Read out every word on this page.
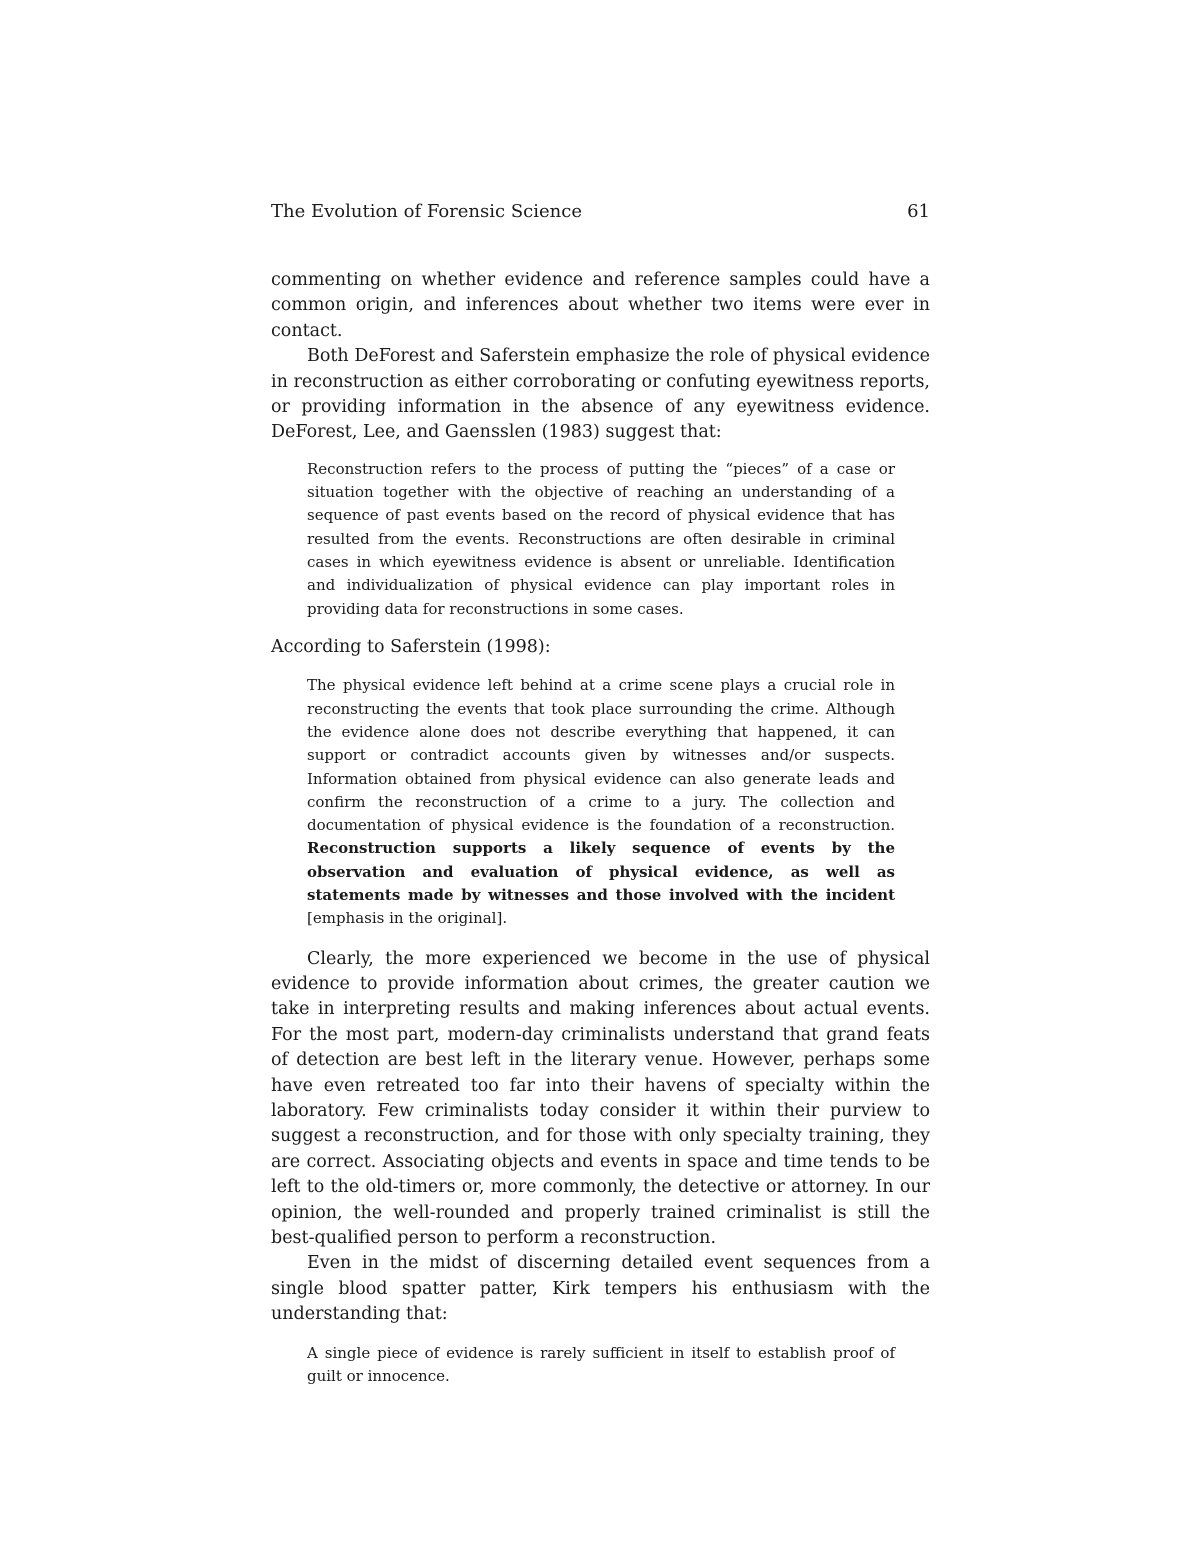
The Evolution of Forensic Science	61

commenting on whether evidence and reference samples could have a common origin, and inferences about whether two items were ever in contact.

Both DeForest and Saferstein emphasize the role of physical evidence in reconstruction as either corroborating or confuting eyewitness reports, or providing information in the absence of any eyewitness evidence. DeForest, Lee, and Gaensslen (1983) suggest that:

Reconstruction refers to the process of putting the “pieces” of a case or situation together with the objective of reaching an understanding of a sequence of past events based on the record of physical evidence that has resulted from the events. Reconstructions are often desirable in criminal cases in which eyewitness evidence is absent or unreliable. Identification and individualization of physical evidence can play important roles in providing data for reconstructions in some cases.

According to Saferstein (1998):

The physical evidence left behind at a crime scene plays a crucial role in reconstructing the events that took place surrounding the crime. Although the evidence alone does not describe everything that happened, it can support or contradict accounts given by witnesses and/or suspects. Information obtained from physical evidence can also generate leads and confirm the reconstruction of a crime to a jury. The collection and documentation of physical evidence is the foundation of a reconstruction. Reconstruction supports a likely sequence of events by the observation and evaluation of physical evidence, as well as statements made by witnesses and those involved with the incident [emphasis in the original].

Clearly, the more experienced we become in the use of physical evidence to provide information about crimes, the greater caution we take in interpreting results and making inferences about actual events. For the most part, modern-day criminalists understand that grand feats of detection are best left in the literary venue. However, perhaps some have even retreated too far into their havens of specialty within the laboratory. Few criminalists today consider it within their purview to suggest a reconstruction, and for those with only specialty training, they are correct. Associating objects and events in space and time tends to be left to the old-timers or, more commonly, the detective or attorney. In our opinion, the well-rounded and properly trained criminalist is still the best-qualified person to perform a reconstruction.

Even in the midst of discerning detailed event sequences from a single blood spatter patter, Kirk tempers his enthusiasm with the understanding that:

A single piece of evidence is rarely sufficient in itself to establish proof of guilt or innocence.
